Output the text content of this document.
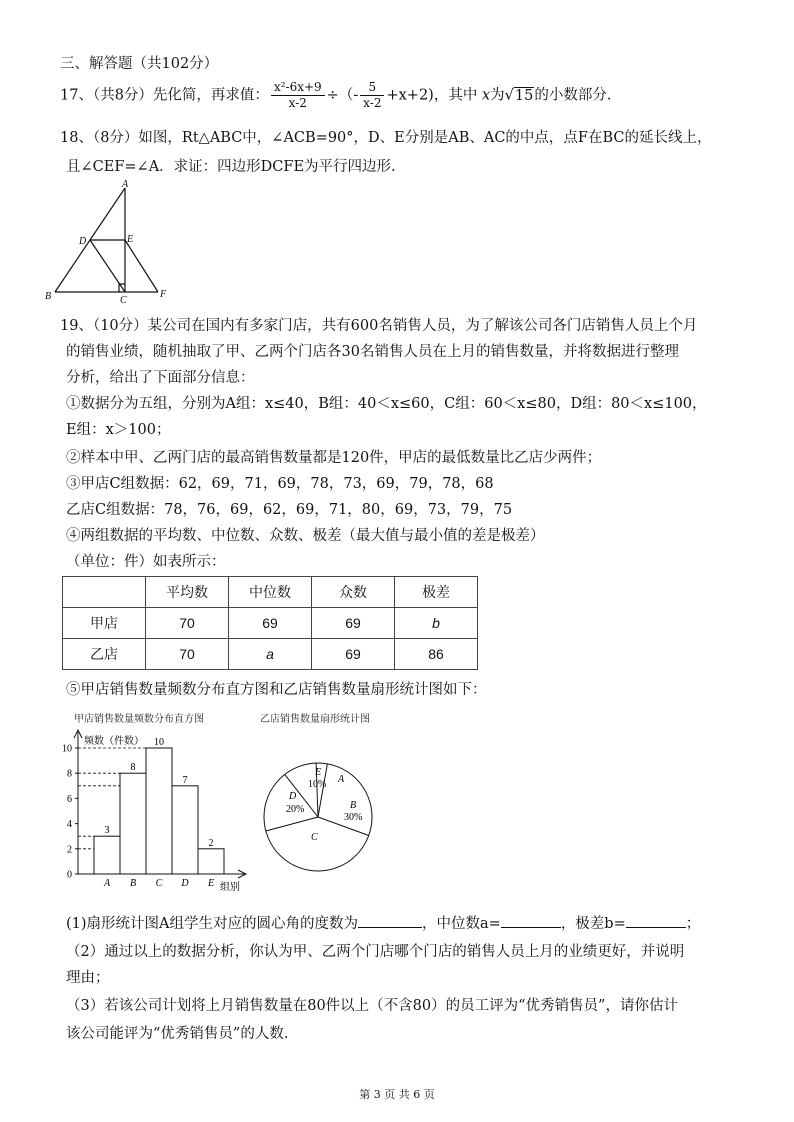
三、解答题（共102分）
17、（共8分）先化简，再求值： $\frac{\text{x²-6x+9}}{x-2}$ ÷（- $\frac{5}{x-2} +x+2$)，其中 x为√15的小数部分.
18、（8分）如图，Rt△ABC中，∠ACB=90°，D、E分别是AB、AC的中点，点F在BC的延长线上，
且∠CEF=∠A．求证：四边形DCFE为平行四边形.
A
B	C
D	E
F
19、（10分）某公司在国内有多家门店，共有600名销售人员，为了解该公司各门店销售人员上个月
的销售业绩，随机抽取了甲、乙两个门店各30名销售人员在上月的销售数量，并将数据进行整理
分析，给出了下面部分信息：
①数据分为五组，分别为A组：x≤40，B组：40＜x≤60，C组：60＜x≤80，D组：80＜x≤100，
E组：x＞100；
②样本中甲、乙两门店的最高销售数量都是120件，甲店的最低数量比乙店少两件；
③甲店C组数据：62，69，71，69，78，73，69，79，78，68
乙店C组数据：78，76，69，62，69，71，80，69，73，79，75
④两组数据的平均数、中位数、众数、极差（最大值与最小值的差是极差）
（单位：件）如表所示：
	平均数	中位数	众数	极差
甲店	70	69	69	b
乙店	70	a	69	86
⑤甲店销售数量频数分布直方图和乙店销售数量扇形统计图如下：
甲店销售数量频数分布直方图
频数（件数）
组别
0
2
4
6
8
10
3
8
10
7
2
A B C D E
乙店销售数量扇形统计图
A
B
C
D
E
30%
20%
10%
(1)扇形统计图A组学生对应的圆心角的度数为	，中位数a=	，极差b=	；
（2）通过以上的数据分析，你认为甲、乙两个门店哪个门店的销售人员上月的业绩更好，并说明
理由；
（3）若该公司计划将上月销售数量在80件以上（不含80）的员工评为“优秀销售员”，请你估计
该公司能评为“优秀销售员”的人数.
第 3 页 共 6 页
